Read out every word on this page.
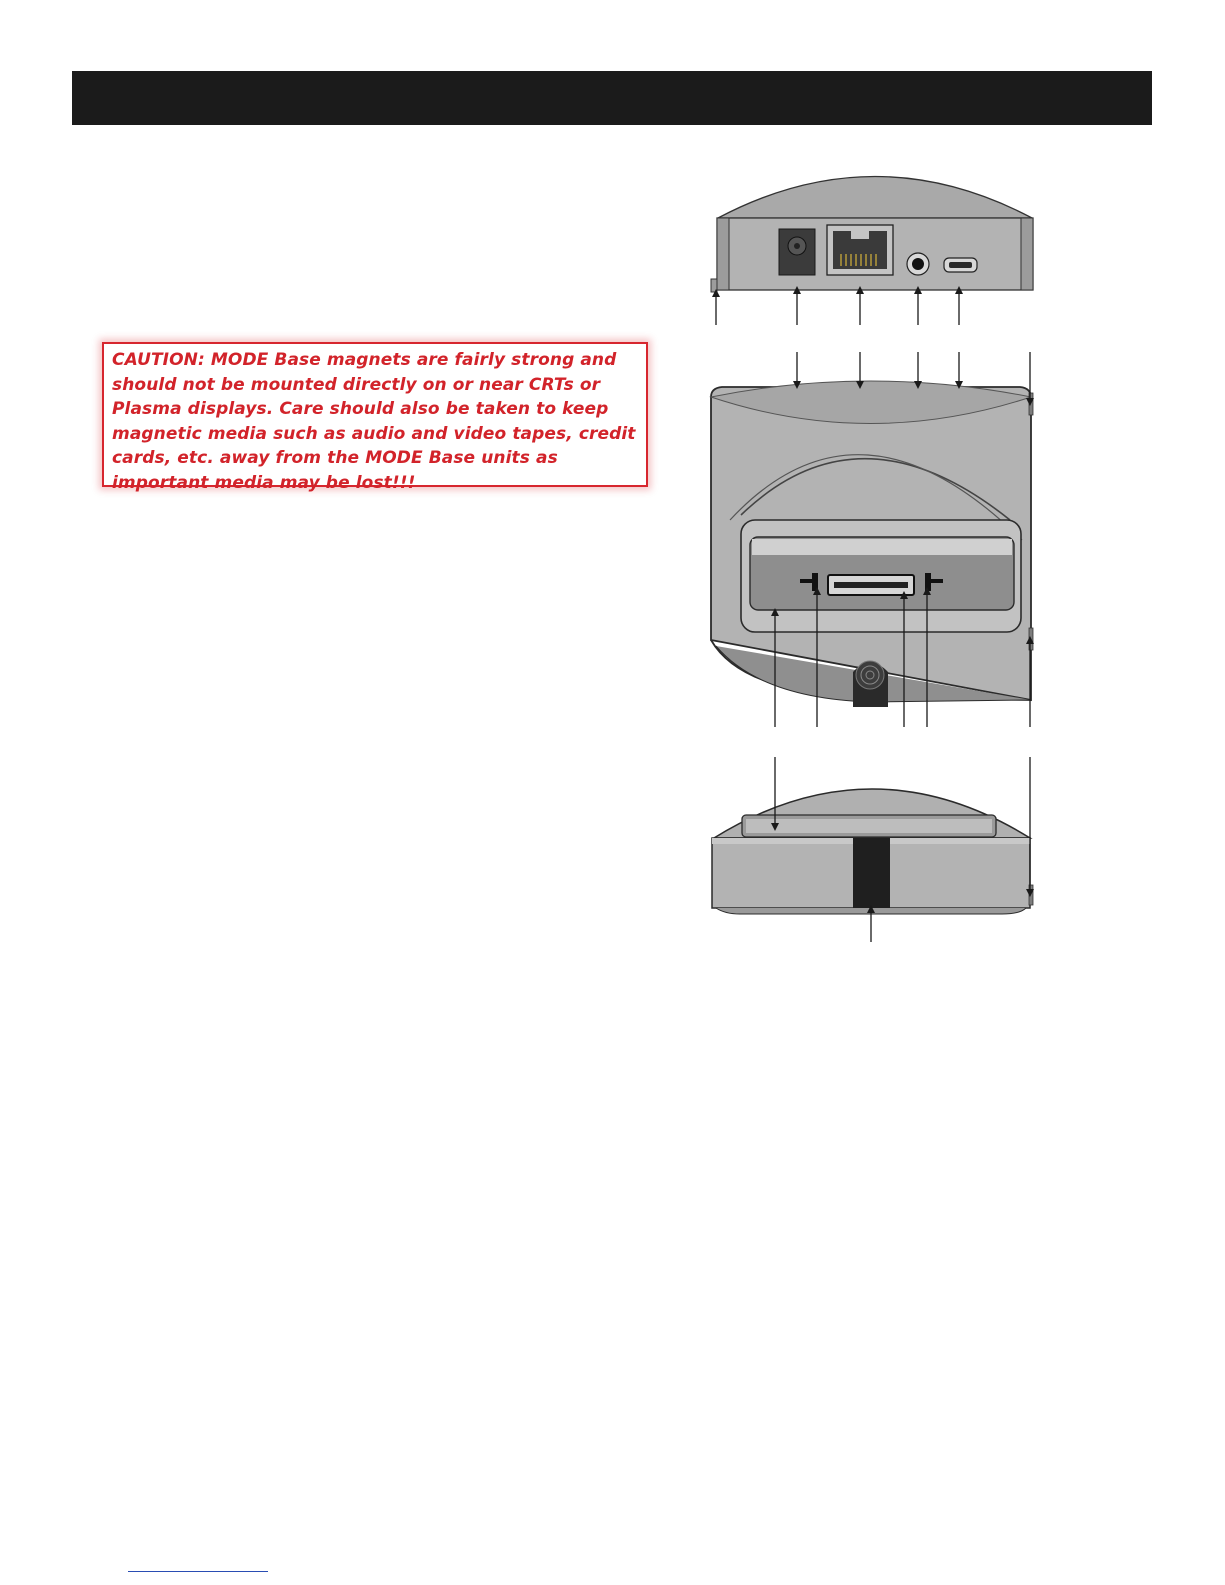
CAUTION: MODE Base magnets are fairly strong and should not be mounted directly on or near CRTs or Plasma displays. Care should also be taken to keep magnetic media such as audio and video tapes, credit cards, etc. away from the MODE Base units as important media may be lost!!!
